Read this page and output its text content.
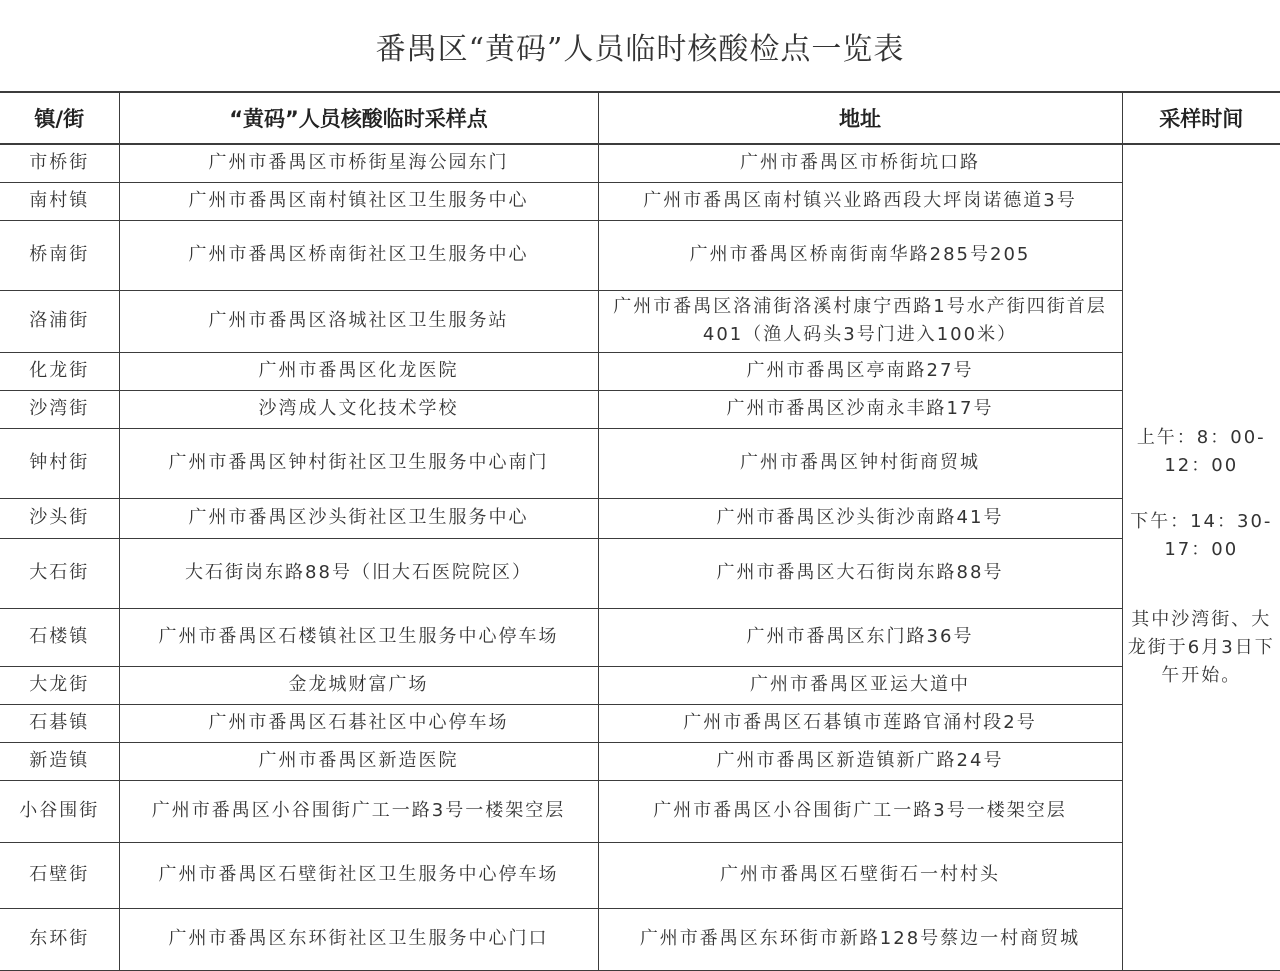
番禺区“黄码”人员临时核酸检点一览表
镇/街	“黄码”人员核酸临时采样点	地址	采样时间
市桥街	广州市番禺区市桥街星海公园东门	广州市番禺区市桥街坑口路	上午：8：00-12：00
下午：14：30-17：00
其中沙湾街、大龙街于6月3日下午开始。

南村镇	广州市番禺区南村镇社区卫生服务中心	广州市番禺区南村镇兴业路西段大坪岗诺德道3号	
桥南街	广州市番禺区桥南街社区卫生服务中心	广州市番禺区桥南街南华路285号205	
洛浦街	广州市番禺区洛城社区卫生服务站	广州市番禺区洛浦街洛溪村康宁西路1号水产街四街首层401（渔人码头3号门进入100米）	
化龙街	广州市番禺区化龙医院	广州市番禺区亭南路27号	
沙湾街	沙湾成人文化技术学校	广州市番禺区沙南永丰路17号	
钟村街	广州市番禺区钟村街社区卫生服务中心南门	广州市番禺区钟村街商贸城	
沙头街	广州市番禺区沙头街社区卫生服务中心	广州市番禺区沙头街沙南路41号	
大石街	大石街岗东路88号（旧大石医院院区）	广州市番禺区大石街岗东路88号	
石楼镇	广州市番禺区石楼镇社区卫生服务中心停车场	广州市番禺区东门路36号	
大龙街	金龙城财富广场	广州市番禺区亚运大道中	
石碁镇	广州市番禺区石碁社区中心停车场	广州市番禺区石碁镇市莲路官涌村段2号	
新造镇	广州市番禺区新造医院	广州市番禺区新造镇新广路24号	
小谷围街	广州市番禺区小谷围街广工一路3号一楼架空层	广州市番禺区小谷围街广工一路3号一楼架空层	
石壁街	广州市番禺区石壁街社区卫生服务中心停车场	广州市番禺区石壁街石一村村头	
东环街	广州市番禺区东环街社区卫生服务中心门口	广州市番禺区东环街市新路128号蔡边一村商贸城	
